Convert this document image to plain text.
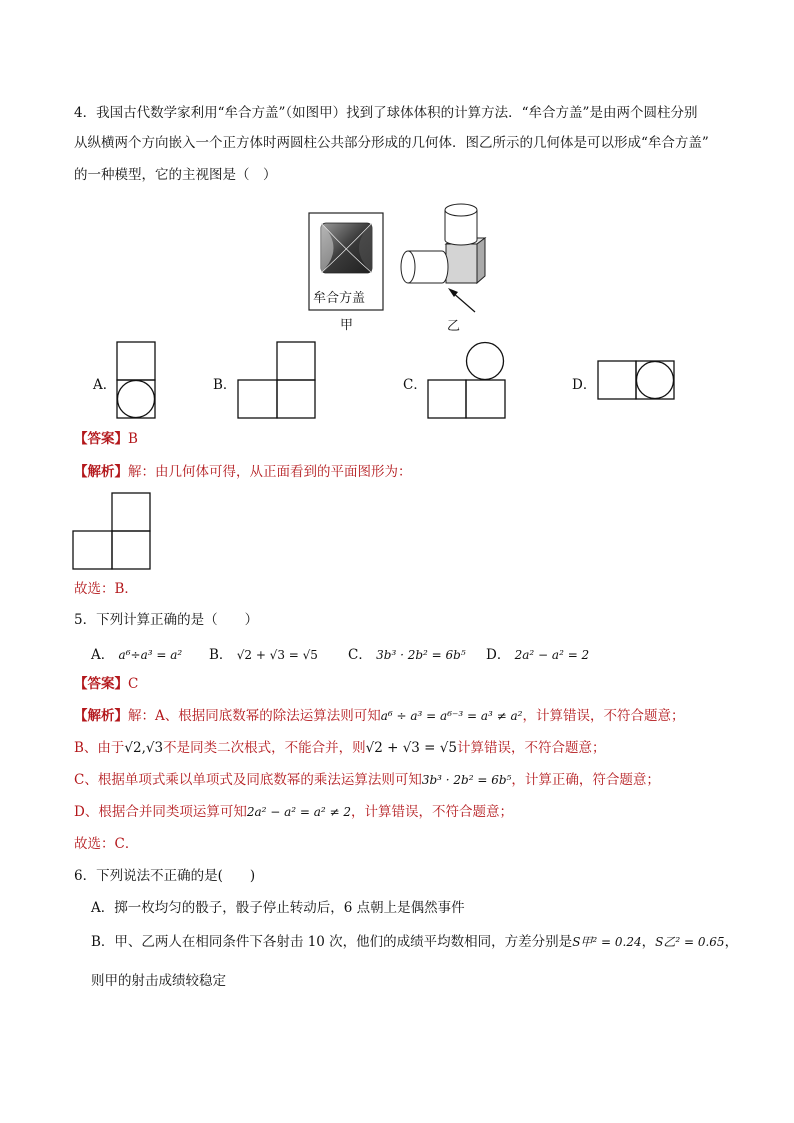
4．我国古代数学家利用“牟合方盖”（如图甲）找到了球体体积的计算方法．“牟合方盖”是由两个圆柱分别
从纵横两个方向嵌入一个正方体时两圆柱公共部分形成的几何体．图乙所示的几何体是可以形成“牟合方盖”
的一种模型，它的主视图是（　）
牟合方盖
甲	乙
A．	B．	C．	D．
【答案】B
【解析】解：由几何体可得，从正面看到的平面图形为：
故选：B．
5．下列计算正确的是（　　）
A． a⁶÷a³ = a² B． √2 + √3 = √5 C． 3b³ · 2b² = 6b⁵ D． 2a² − a² = 2
【答案】C
【解析】解：A、根据同底数幂的除法运算法则可知a⁶ ÷ a³ = a⁶⁻³ = a³ ≠ a²，计算错误，不符合题意；
B、由于√2,√3不是同类二次根式，不能合并，则√2 + √3 = √5计算错误，不符合题意；
C、根据单项式乘以单项式及同底数幂的乘法运算法则可知3b³ · 2b² = 6b⁵，计算正确，符合题意；
D、根据合并同类项运算可知2a² − a² = a² ≠ 2，计算错误，不符合题意；
故选：C．
6．下列说法不正确的是(　　)
A．掷一枚均匀的骰子，骰子停止转动后，6 点朝上是偶然事件
B．甲、乙两人在相同条件下各射击 10 次，他们的成绩平均数相同，方差分别是S甲² = 0.24，S乙² = 0.65，
则甲的射击成绩较稳定
